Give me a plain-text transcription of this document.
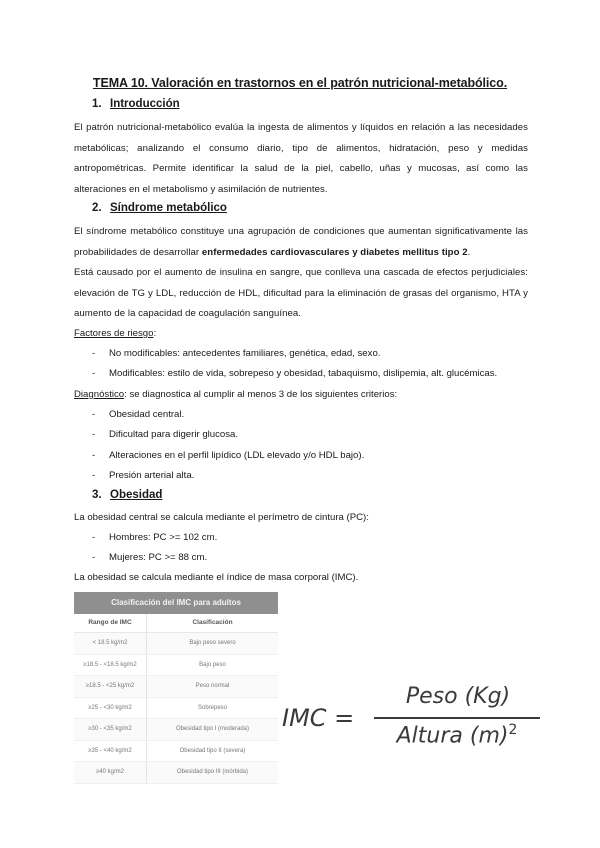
TEMA 10. Valoración en trastornos en el patrón nutricional-metabólico.
1. Introducción
El patrón nutricional-metabólico evalúa la ingesta de alimentos y líquidos en relación a las necesidades metabólicas; analizando el consumo diario, tipo de alimentos, hidratación, peso y medidas antropométricas. Permite identificar la salud de la piel, cabello, uñas y mucosas, así como las alteraciones en el metabolismo y asimilación de nutrientes.
2. Síndrome metabólico
El síndrome metabólico constituye una agrupación de condiciones que aumentan significativamente las probabilidades de desarrollar enfermedades cardiovasculares y diabetes mellitus tipo 2.
Está causado por el aumento de insulina en sangre, que conlleva una cascada de efectos perjudiciales: elevación de TG y LDL, reducción de HDL, dificultad para la eliminación de grasas del organismo, HTA y aumento de la capacidad de coagulación sanguínea.
Factores de riesgo:
- No modificables: antecedentes familiares, genética, edad, sexo.
- Modificables: estilo de vida, sobrepeso y obesidad, tabaquismo, dislipemia, alt. glucémicas.
Diagnóstico: se diagnostica al cumplir al menos 3 de los siguientes criterios:
- Obesidad central.
- Dificultad para digerir glucosa.
- Alteraciones en el perfil lipídico (LDL elevado y/o HDL bajo).
- Presión arterial alta.
3. Obesidad
La obesidad central se calcula mediante el perímetro de cintura (PC):
- Hombres: PC >= 102 cm.
- Mujeres: PC >= 88 cm.
La obesidad se calcula mediante el índice de masa corporal (IMC).
Clasificación del IMC para adultos
Rango de IMC	Clasificación
< 18.5 kg/m2	Bajo peso severo
≥18.5 - <18.5 kg/m2	Bajo peso
≥18.5 - <25 kg/m2	Peso normal
≥25 - <30 kg/m2	Sobrepeso
≥30 - <35 kg/m2	Obesidad tipo I (moderada)
≥35 - <40 kg/m2	Obesidad tipo II (severa)
≥40 kg/m2	Obesidad tipo III (mórbida)
IMC =
Peso (Kg)
Altura $(m)^2$
